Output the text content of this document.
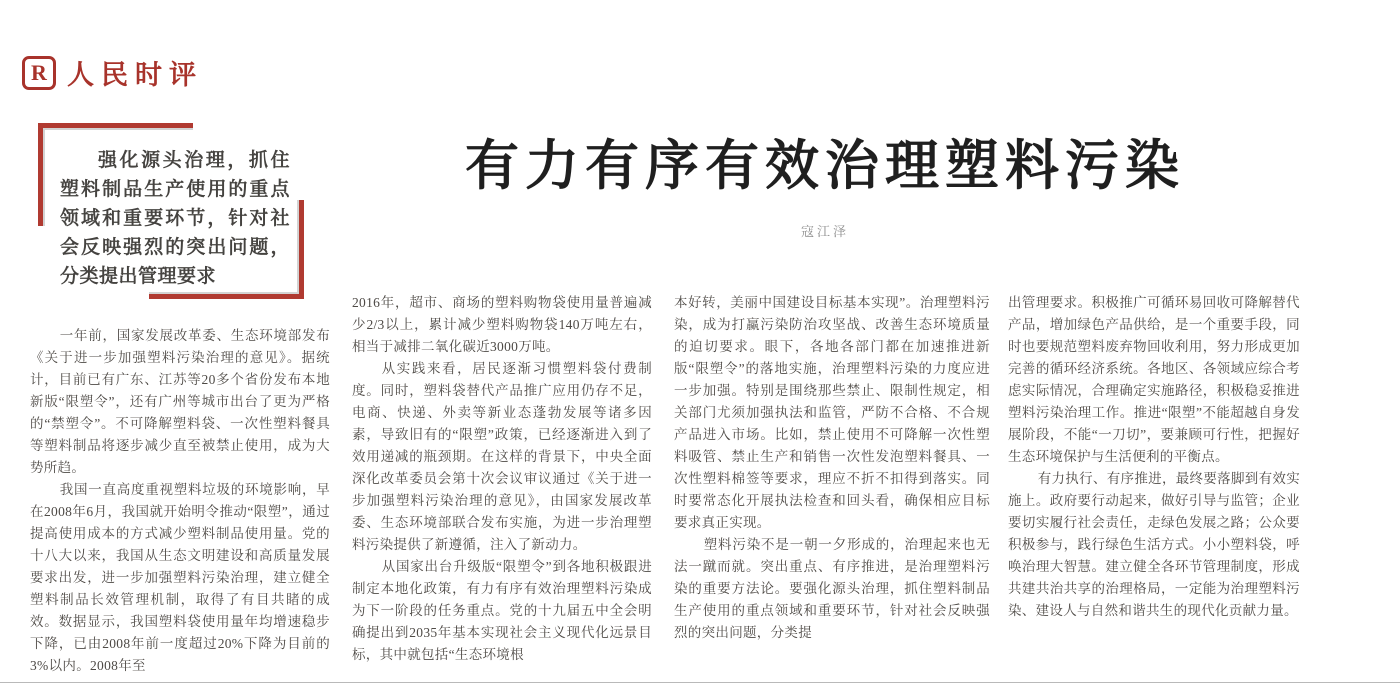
R 人民时评
强化源头治理，抓住塑料制品生产使用的重点领域和重要环节，针对社会反映强烈的突出问题，分类提出管理要求
有力有序有效治理塑料污染
寇江泽

一年前，国家发展改革委、生态环境部发布《关于进一步加强塑料污染治理的意见》。据统计，目前已有广东、江苏等20多个省份发布本地新版“限塑令”，还有广州等城市出台了更为严格的“禁塑令”。不可降解塑料袋、一次性塑料餐具等塑料制品将逐步减少直至被禁止使用，成为大势所趋。

我国一直高度重视塑料垃圾的环境影响，早在2008年6月，我国就开始明令推动“限塑”，通过提高使用成本的方式减少塑料制品使用量。党的十八大以来，我国从生态文明建设和高质量发展要求出发，进一步加强塑料污染治理，建立健全塑料制品长效管理机制，取得了有目共睹的成效。数据显示，我国塑料袋使用量年均增速稳步下降，已由2008年前一度超过20%下降为目前的3%以内。2008年至

2016年，超市、商场的塑料购物袋使用量普遍减少2/3以上，累计减少塑料购物袋140万吨左右，相当于减排二氧化碳近3000万吨。

从实践来看，居民逐渐习惯塑料袋付费制度。同时，塑料袋替代产品推广应用仍存不足，电商、快递、外卖等新业态蓬勃发展等诸多因素，导致旧有的“限塑”政策，已经逐渐进入到了效用递减的瓶颈期。在这样的背景下，中央全面深化改革委员会第十次会议审议通过《关于进一步加强塑料污染治理的意见》，由国家发展改革委、生态环境部联合发布实施，为进一步治理塑料污染提供了新遵循，注入了新动力。

从国家出台升级版“限塑令”到各地积极跟进制定本地化政策，有力有序有效治理塑料污染成为下一阶段的任务重点。党的十九届五中全会明确提出到2035年基本实现社会主义现代化远景目标，其中就包括“生态环境根

本好转，美丽中国建设目标基本实现”。治理塑料污染，成为打赢污染防治攻坚战、改善生态环境质量的迫切要求。眼下，各地各部门都在加速推进新版“限塑令”的落地实施，治理塑料污染的力度应进一步加强。特别是围绕那些禁止、限制性规定，相关部门尤须加强执法和监管，严防不合格、不合规产品进入市场。比如，禁止使用不可降解一次性塑料吸管、禁止生产和销售一次性发泡塑料餐具、一次性塑料棉签等要求，理应不折不扣得到落实。同时要常态化开展执法检查和回头看，确保相应目标要求真正实现。

塑料污染不是一朝一夕形成的，治理起来也无法一蹴而就。突出重点、有序推进，是治理塑料污染的重要方法论。要强化源头治理，抓住塑料制品生产使用的重点领域和重要环节，针对社会反映强烈的突出问题，分类提

出管理要求。积极推广可循环易回收可降解替代产品，增加绿色产品供给，是一个重要手段，同时也要规范塑料废弃物回收利用，努力形成更加完善的循环经济系统。各地区、各领域应综合考虑实际情况，合理确定实施路径，积极稳妥推进塑料污染治理工作。推进“限塑”不能超越自身发展阶段，不能“一刀切”，要兼顾可行性，把握好生态环境保护与生活便利的平衡点。

有力执行、有序推进，最终要落脚到有效实施上。政府要行动起来，做好引导与监管；企业要切实履行社会责任，走绿色发展之路；公众要积极参与，践行绿色生活方式。小小塑料袋，呼唤治理大智慧。建立健全各环节管理制度，形成共建共治共享的治理格局，一定能为治理塑料污染、建设人与自然和谐共生的现代化贡献力量。
